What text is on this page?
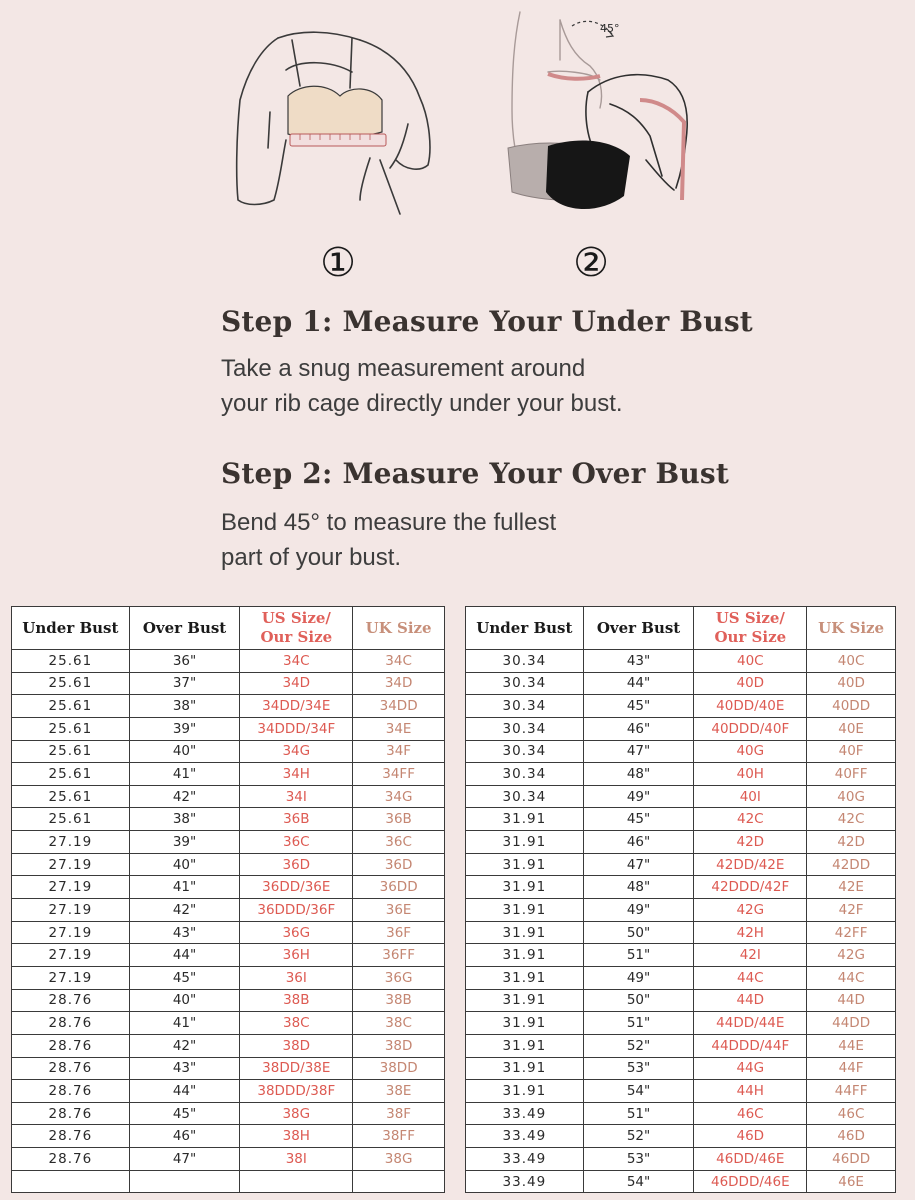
45°
①	②
Step 1: Measure Your Under Bust
Take a snug measurement around
your rib cage directly under your bust.
Step 2: Measure Your Over Bust
Bend 45° to measure the fullest
part of your bust.
Under Bust	Over Bust	US Size/
Our Size	UK Size
25.61	36"	34C	34C
25.61	37"	34D	34D
25.61	38"	34DD/34E	34DD
25.61	39"	34DDD/34F	34E
25.61	40"	34G	34F
25.61	41"	34H	34FF
25.61	42"	34I	34G
25.61	38"	36B	36B
27.19	39"	36C	36C
27.19	40"	36D	36D
27.19	41"	36DD/36E	36DD
27.19	42"	36DDD/36F	36E
27.19	43"	36G	36F
27.19	44"	36H	36FF
27.19	45"	36I	36G
28.76	40"	38B	38B
28.76	41"	38C	38C
28.76	42"	38D	38D
28.76	43"	38DD/38E	38DD
28.76	44"	38DDD/38F	38E
28.76	45"	38G	38F
28.76	46"	38H	38FF
28.76	47"	38I	38G

Under Bust	Over Bust	US Size/
Our Size	UK Size
30.34	43"	40C	40C
30.34	44"	40D	40D
30.34	45"	40DD/40E	40DD
30.34	46"	40DDD/40F	40E
30.34	47"	40G	40F
30.34	48"	40H	40FF
30.34	49"	40I	40G
31.91	45"	42C	42C
31.91	46"	42D	42D
31.91	47"	42DD/42E	42DD
31.91	48"	42DDD/42F	42E
31.91	49"	42G	42F
31.91	50"	42H	42FF
31.91	51"	42I	42G
31.91	49"	44C	44C
31.91	50"	44D	44D
31.91	51"	44DD/44E	44DD
31.91	52"	44DDD/44F	44E
31.91	53"	44G	44F
31.91	54"	44H	44FF
33.49	51"	46C	46C
33.49	52"	46D	46D
33.49	53"	46DD/46E	46DD
33.49	54"	46DDD/46E	46E
